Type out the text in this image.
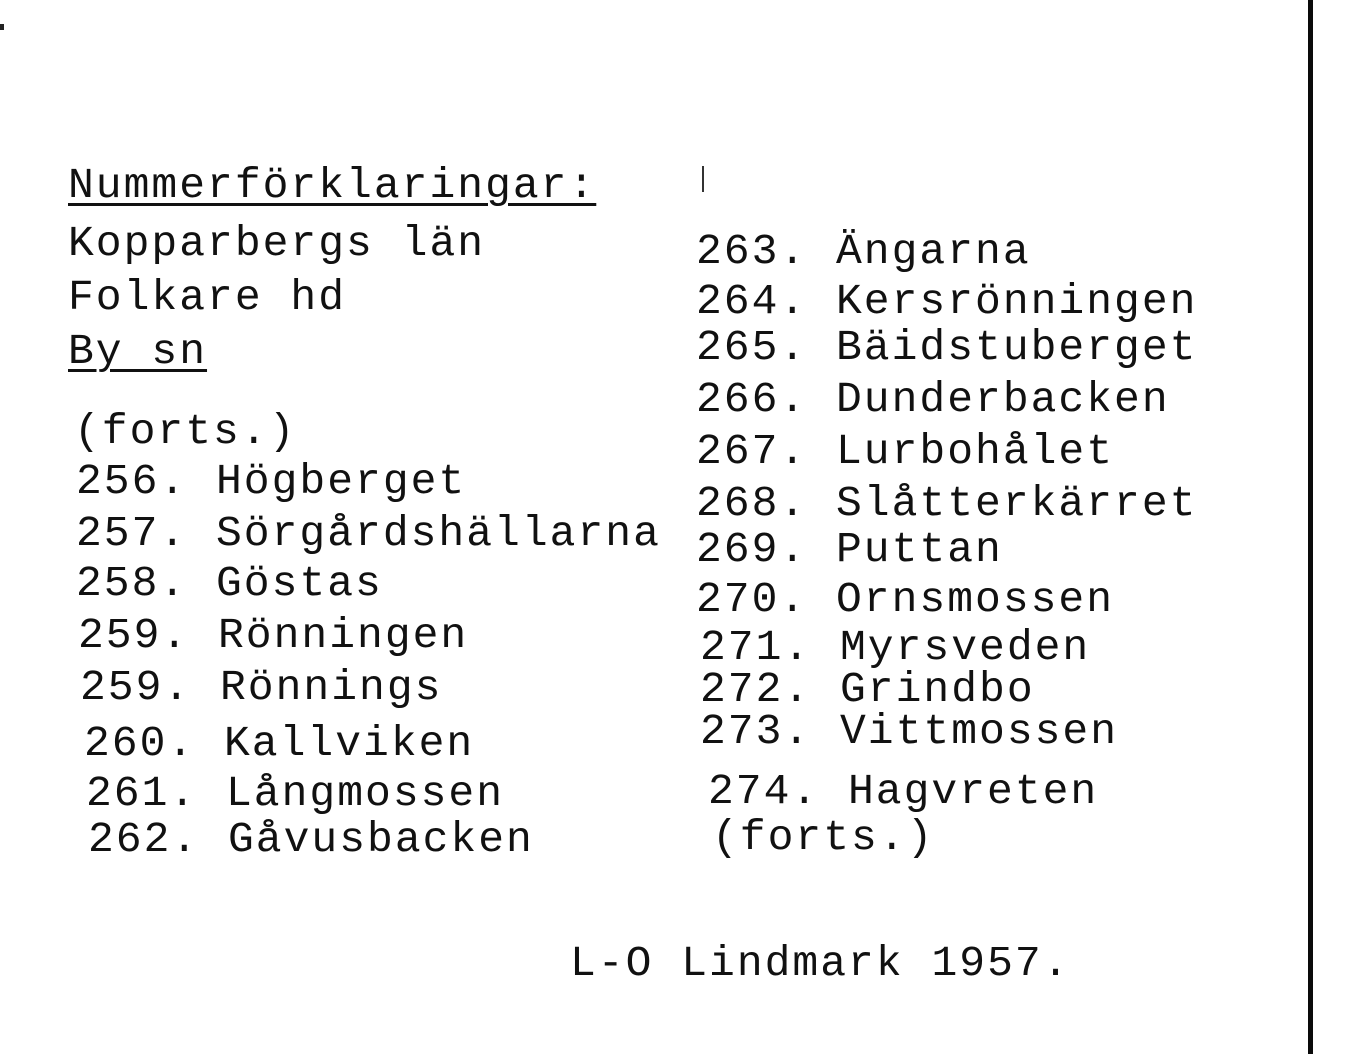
Nummerförklaringar:
Kopparbergs län
Folkare hd
By sn
(forts.)
256. Högberget
257. Sörgårdshällarna
258. Göstas
259. Rönningen
259. Rönnings
260. Kallviken
261. Långmossen
262. Gåvusbacken
263. Ängarna
264. Kersrönningen
265. Bäidstuberget
266. Dunderbacken
267. Lurbohålet
268. Slåtterkärret
269. Puttan
270. Ornsmossen
271. Myrsveden
272. Grindbo
273. Vittmossen
274. Hagvreten
(forts.)
L-O Lindmark 1957.
